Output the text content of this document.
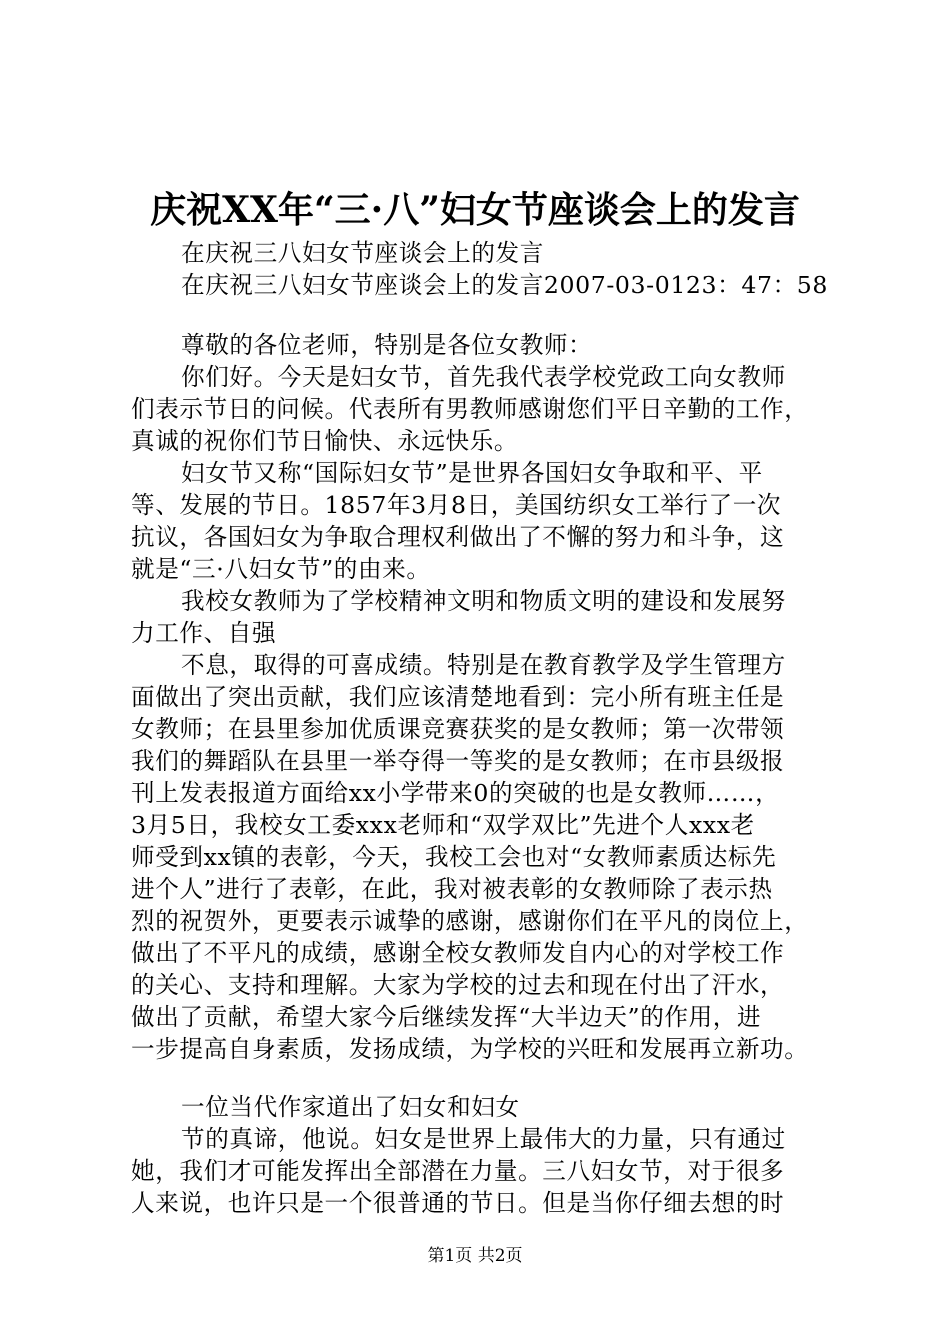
庆祝XX年“三·八”妇女节座谈会上的发言

在庆祝三八妇女节座谈会上的发言

在庆祝三八妇女节座谈会上的发言2007-03-0123：47：58

尊敬的各位老师，特别是各位女教师：

你们好。今天是妇女节，首先我代表学校党政工向女教师

们表示节日的问候。代表所有男教师感谢您们平日辛勤的工作，

真诚的祝你们节日愉快、永远快乐。

妇女节又称“国际妇女节”是世界各国妇女争取和平、平

等、发展的节日。1857年3月8日，美国纺织女工举行了一次

抗议，各国妇女为争取合理权利做出了不懈的努力和斗争，这

就是“三·八妇女节”的由来。

我校女教师为了学校精神文明和物质文明的建设和发展努

力工作、自强

不息，取得的可喜成绩。特别是在教育教学及学生管理方

面做出了突出贡献，我们应该清楚地看到：完小所有班主任是

女教师；在县里参加优质课竞赛获奖的是女教师；第一次带领

我们的舞蹈队在县里一举夺得一等奖的是女教师；在市县级报

刊上发表报道方面给xx小学带来0的突破的也是女教师……，

3月5日，我校女工委xxx老师和“双学双比”先进个人xxx老

师受到xx镇的表彰，今天，我校工会也对“女教师素质达标先

进个人”进行了表彰，在此，我对被表彰的女教师除了表示热

烈的祝贺外，更要表示诚挚的感谢，感谢你们在平凡的岗位上，

做出了不平凡的成绩，感谢全校女教师发自内心的对学校工作

的关心、支持和理解。大家为学校的过去和现在付出了汗水，

做出了贡献，希望大家今后继续发挥“大半边天”的作用，进

一步提高自身素质，发扬成绩，为学校的兴旺和发展再立新功。

一位当代作家道出了妇女和妇女

节的真谛，他说。妇女是世界上最伟大的力量，只有通过

她，我们才可能发挥出全部潜在力量。三八妇女节，对于很多

人来说，也许只是一个很普通的节日。但是当你仔细去想的时

第1页 共2页
